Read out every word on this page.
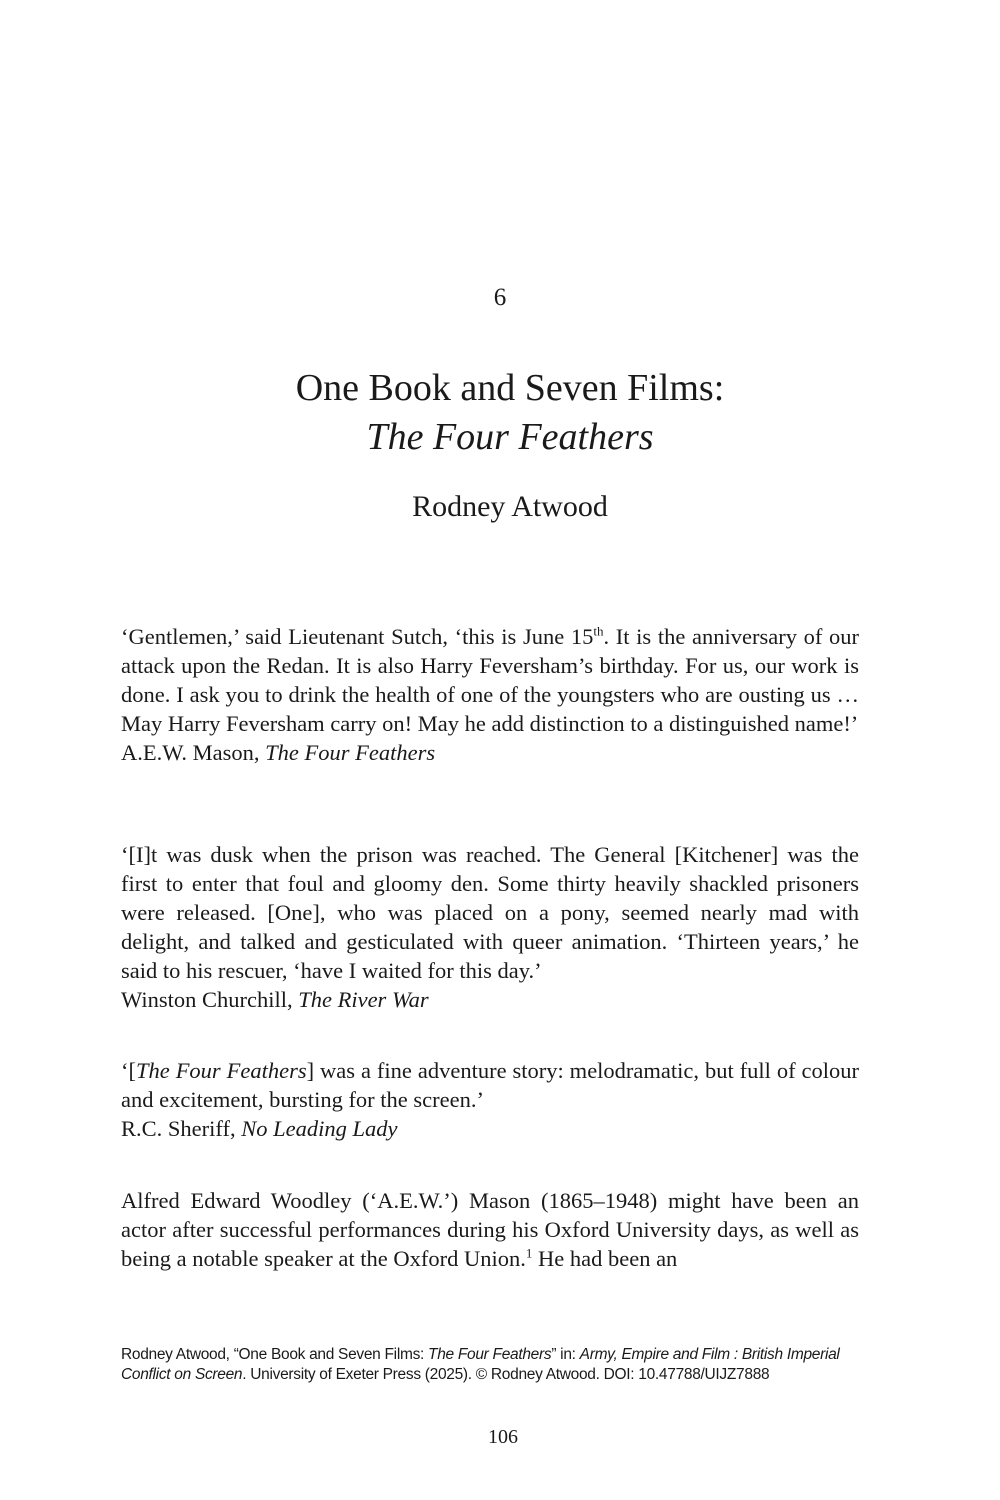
6
One Book and Seven Films:
The Four Feathers
Rodney Atwood

‘Gentlemen,’ said Lieutenant Sutch, ‘this is June 15th. It is the anniversary of our attack upon the Redan. It is also Harry Feversham’s birthday. For us, our work is done. I ask you to drink the health of one of the youngsters who are ousting us … May Harry Feversham carry on! May he add distinction to a distinguished name!’

A.E.W. Mason, The Four Feathers

‘[I]t was dusk when the prison was reached. The General [Kitchener] was the first to enter that foul and gloomy den. Some thirty heavily shackled prisoners were released. [One], who was placed on a pony, seemed nearly mad with delight, and talked and gesticulated with queer animation. ‘Thirteen years,’ he said to his rescuer, ‘have I waited for this day.’

Winston Churchill, The River War

‘[The Four Feathers] was a fine adventure story: melodramatic, but full of colour and excitement, bursting for the screen.’

R.C. Sheriff, No Leading Lady

Alfred Edward Woodley (‘A.E.W.’) Mason (1865–1948) might have been an actor after successful performances during his Oxford University days, as well as being a notable speaker at the Oxford Union.$^1$ He had been an

Rodney Atwood, “One Book and Seven Films: The Four Feathers” in: Army, Empire and Film : British Imperial Conflict on Screen. University of Exeter Press (2025). © Rodney Atwood. DOI: 10.47788/UIJZ7888
106
